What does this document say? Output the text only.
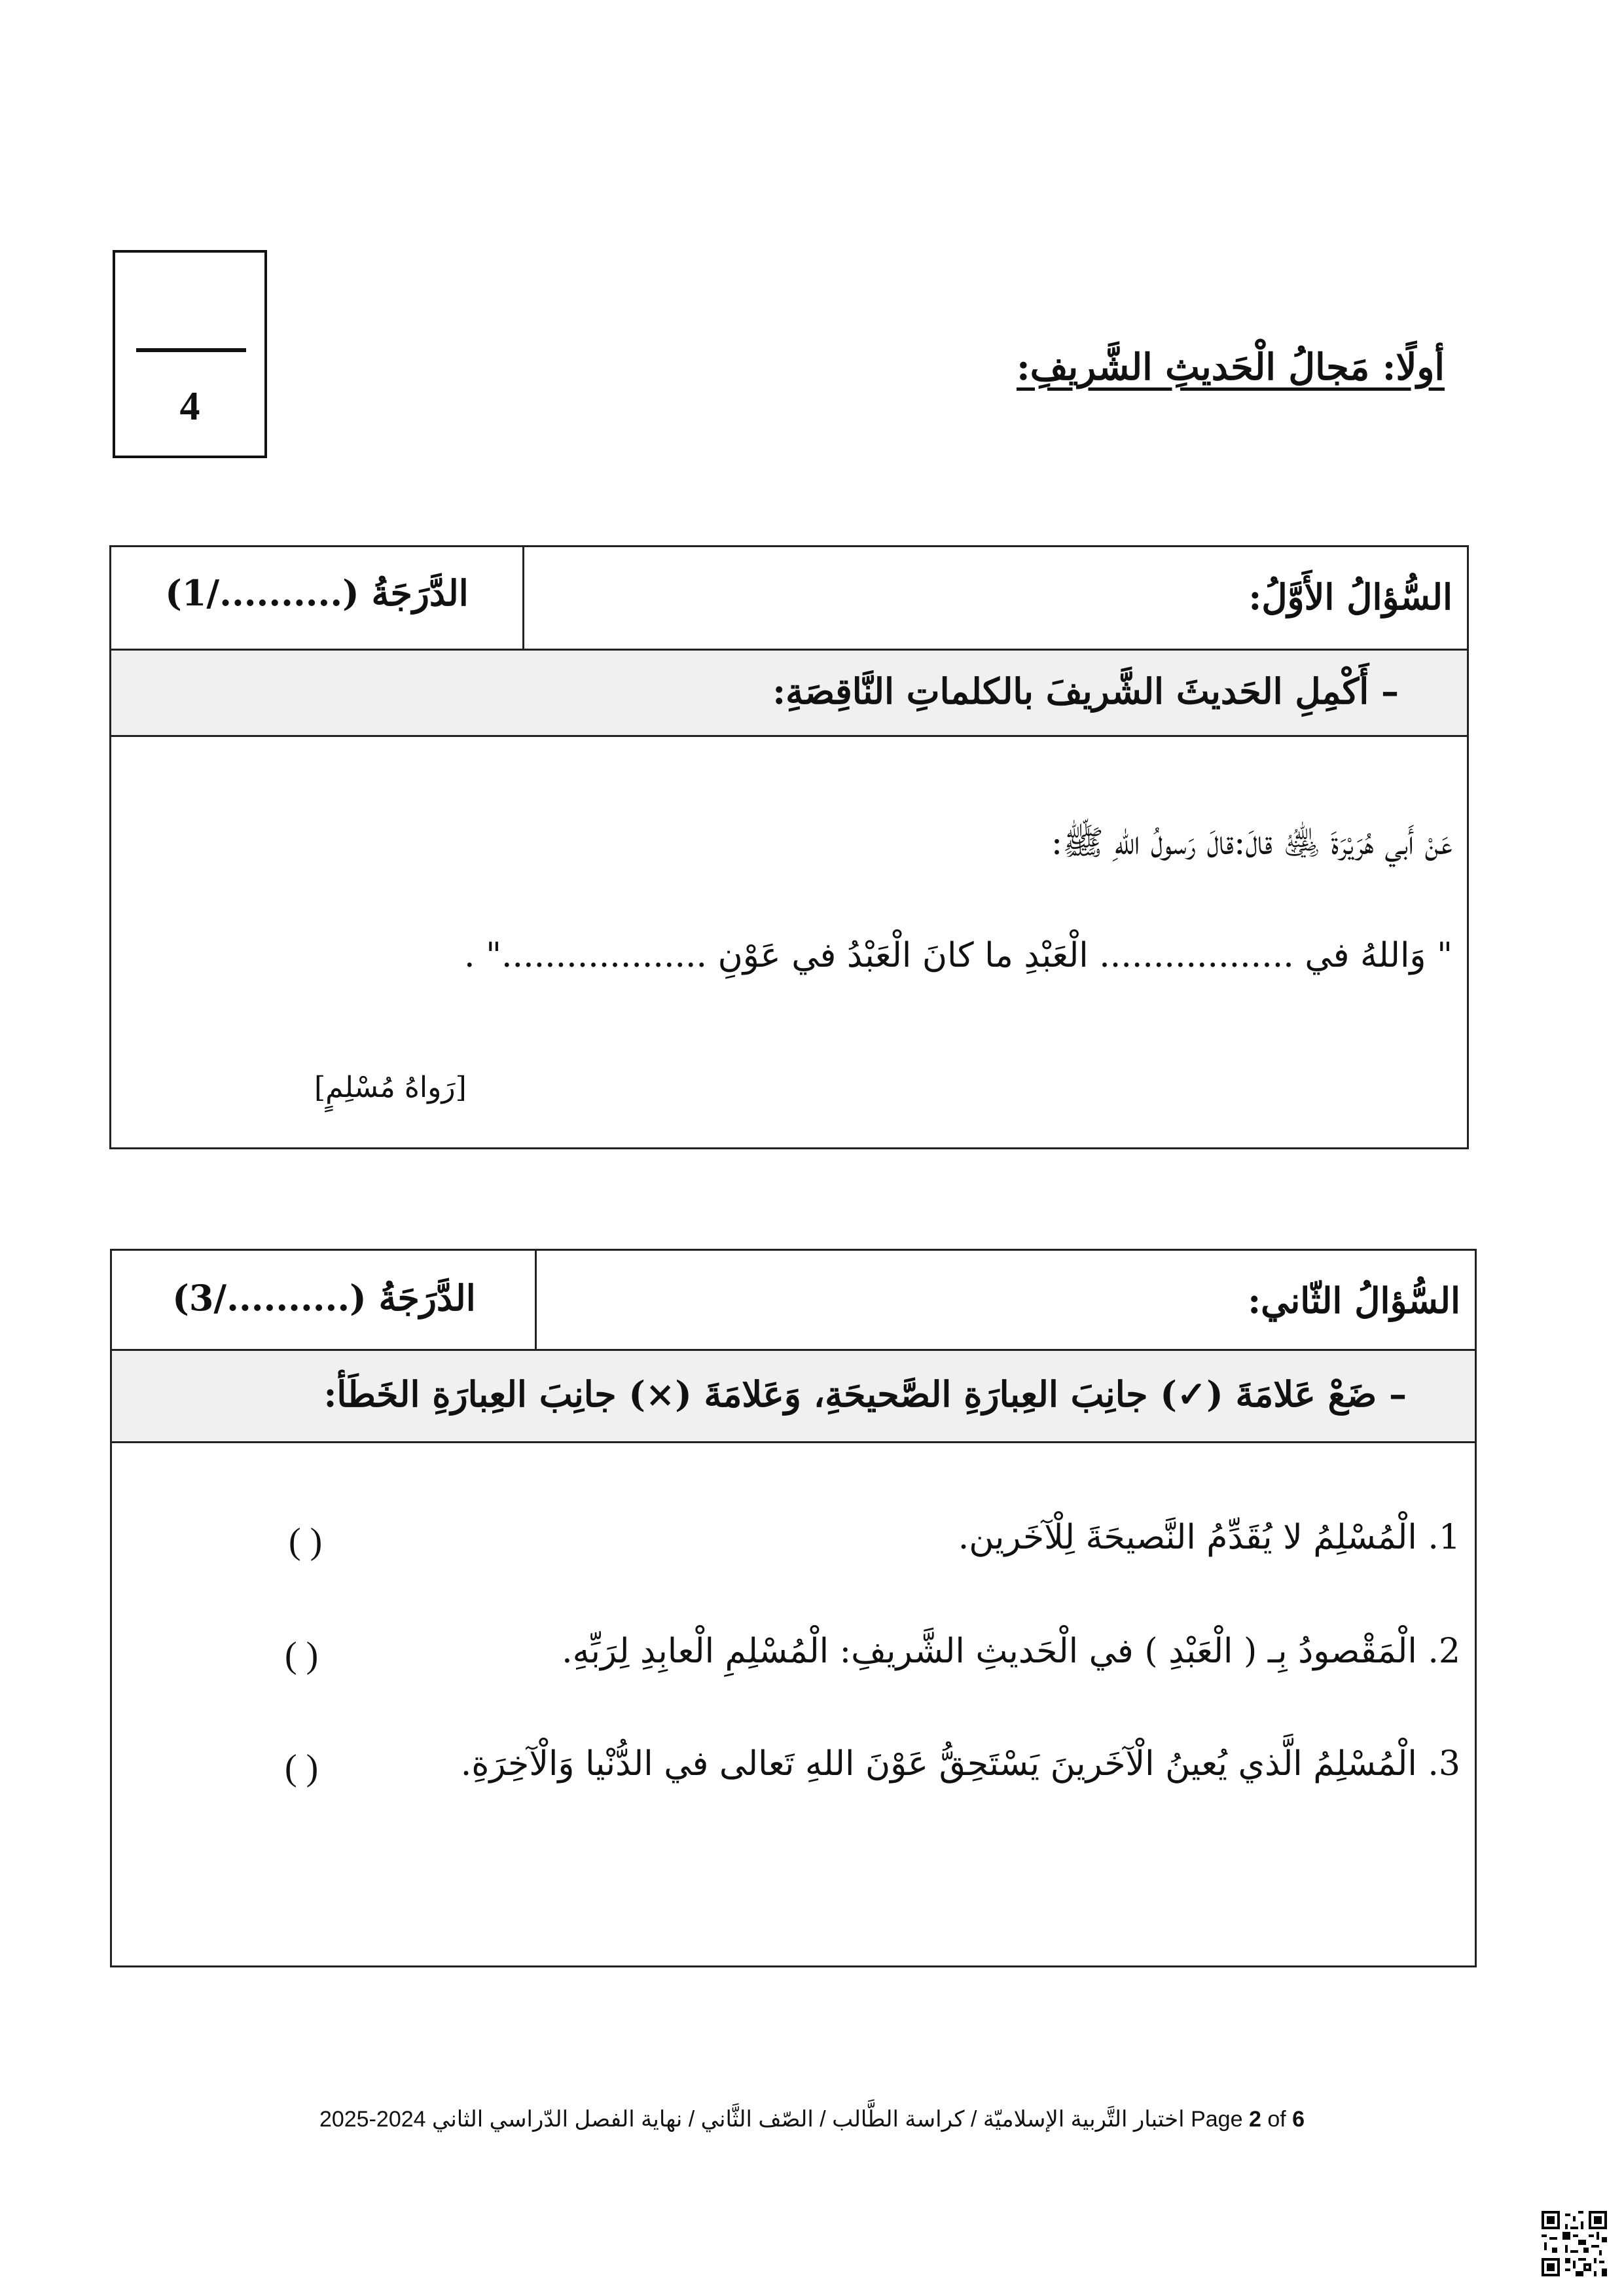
4
أولًا: مَجالُ الْحَديثِ الشَّريفِ:
الدَّرَجَةُ (........../1)	السُّؤالُ الأَوَّلُ:
– أَكْمِلِ الحَديثَ الشَّريفَ بالكلماتِ النَّاقِصَةِ:
عَنْ أَبي هُرَيْرَةَ ﵁ قالَ:قالَ رَسولُ اللهِ ﷺ:
" وَاللهُ في .................. الْعَبْدِ ما كانَ الْعَبْدُ في عَوْنِ ..................." .
[رَواهُ مُسْلِمٍ]
الدَّرَجَةُ (........../3)	السُّؤالُ الثّاني:
– ضَعْ عَلامَةَ (✓) جانِبَ العِبارَةِ الصَّحيحَةِ، وَعَلامَةَ (×) جانِبَ العِبارَةِ الخَطَأ:
1. الْمُسْلِمُ لا يُقَدِّمُ النَّصيحَةَ لِلْآخَرين.
( )
2. الْمَقْصودُ بِـ ( الْعَبْدِ ) في الْحَديثِ الشَّريفِ: الْمُسْلِمِ الْعابِدِ لِرَبِّهِ.
( )
3. الْمُسْلِمُ الَّذي يُعينُ الْآخَرينَ يَسْتَحِقُّ عَوْنَ اللهِ تَعالى في الدُّنْيا وَالْآخِرَةِ.
( )
اختبار التَّربية الإسلاميّة / كراسة الطَّالب / الصّف الثَّاني / نهاية الفصل الدّراسي الثاني 2024-2025 Page 2 of 6
